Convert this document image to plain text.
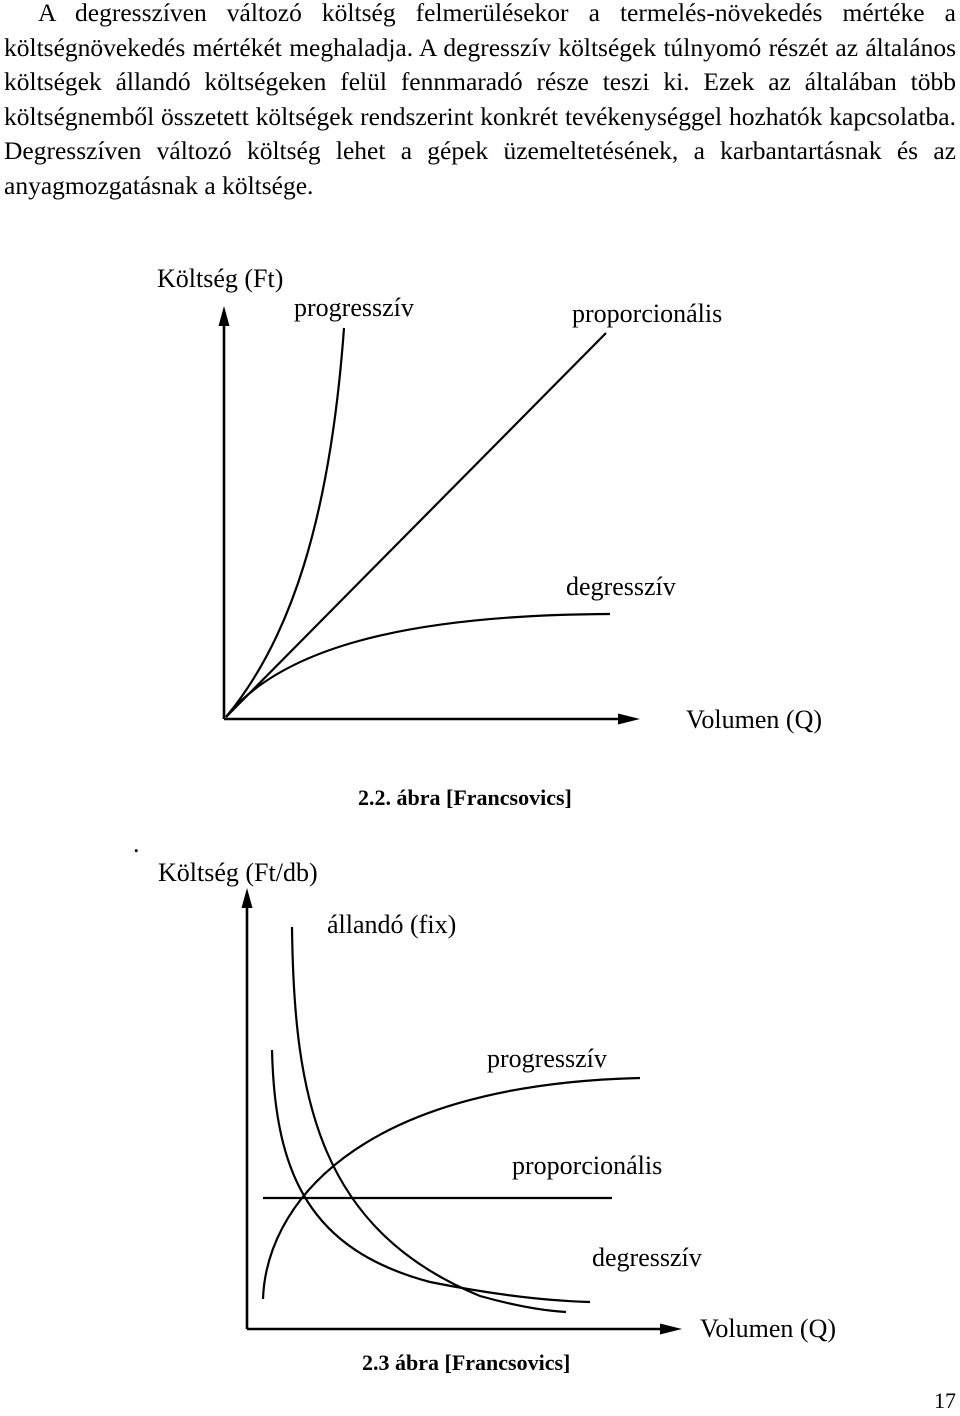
A degresszíven változó költség felmerülésekor a termelés-növekedés mértéke a költségnövekedés mértékét meghaladja. A degresszív költségek túlnyomó részét az általános költségek állandó költségeken felül fennmaradó része teszi ki. Ezek az általában több költségnemből összetett költségek rendszerint konkrét tevékenységgel hozhatók kapcsolatba. Degresszíven változó költség lehet a gépek üzemeltetésének, a karbantartásnak és az anyagmozgatásnak a költsége.

Költség (Ft)
progresszív	proporcionális
degresszív
Volumen (Q)
2.2. ábra [Francsovics]
.
Költség (Ft/db)
állandó (fix)
progresszív
proporcionális
degresszív
Volumen (Q)
2.3 ábra [Francsovics]
17
